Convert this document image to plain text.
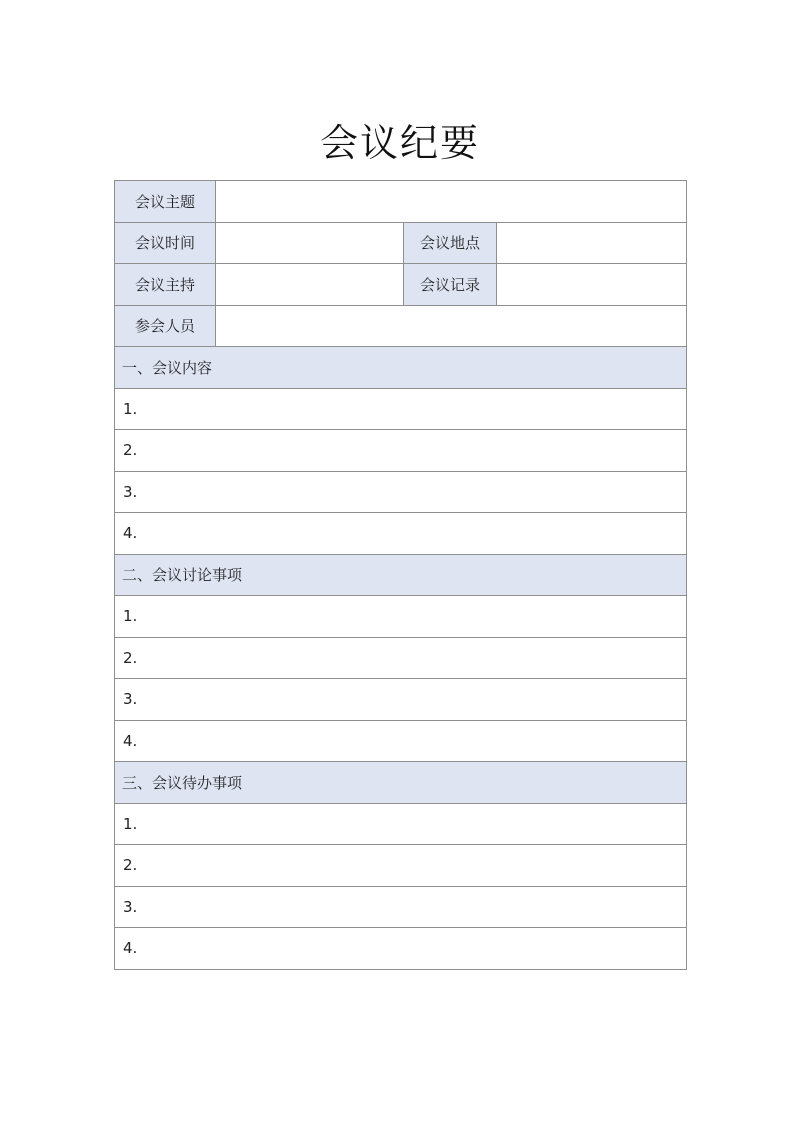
会议纪要
会议主题			
会议时间		会议地点	
会议主持		会议记录	
参会人员			
一、会议内容			
1.			
2.			
3.			
4.			
二、会议讨论事项			
1.			
2.			
3.			
4.			
三、会议待办事项			
1.			
2.			
3.			
4.			
